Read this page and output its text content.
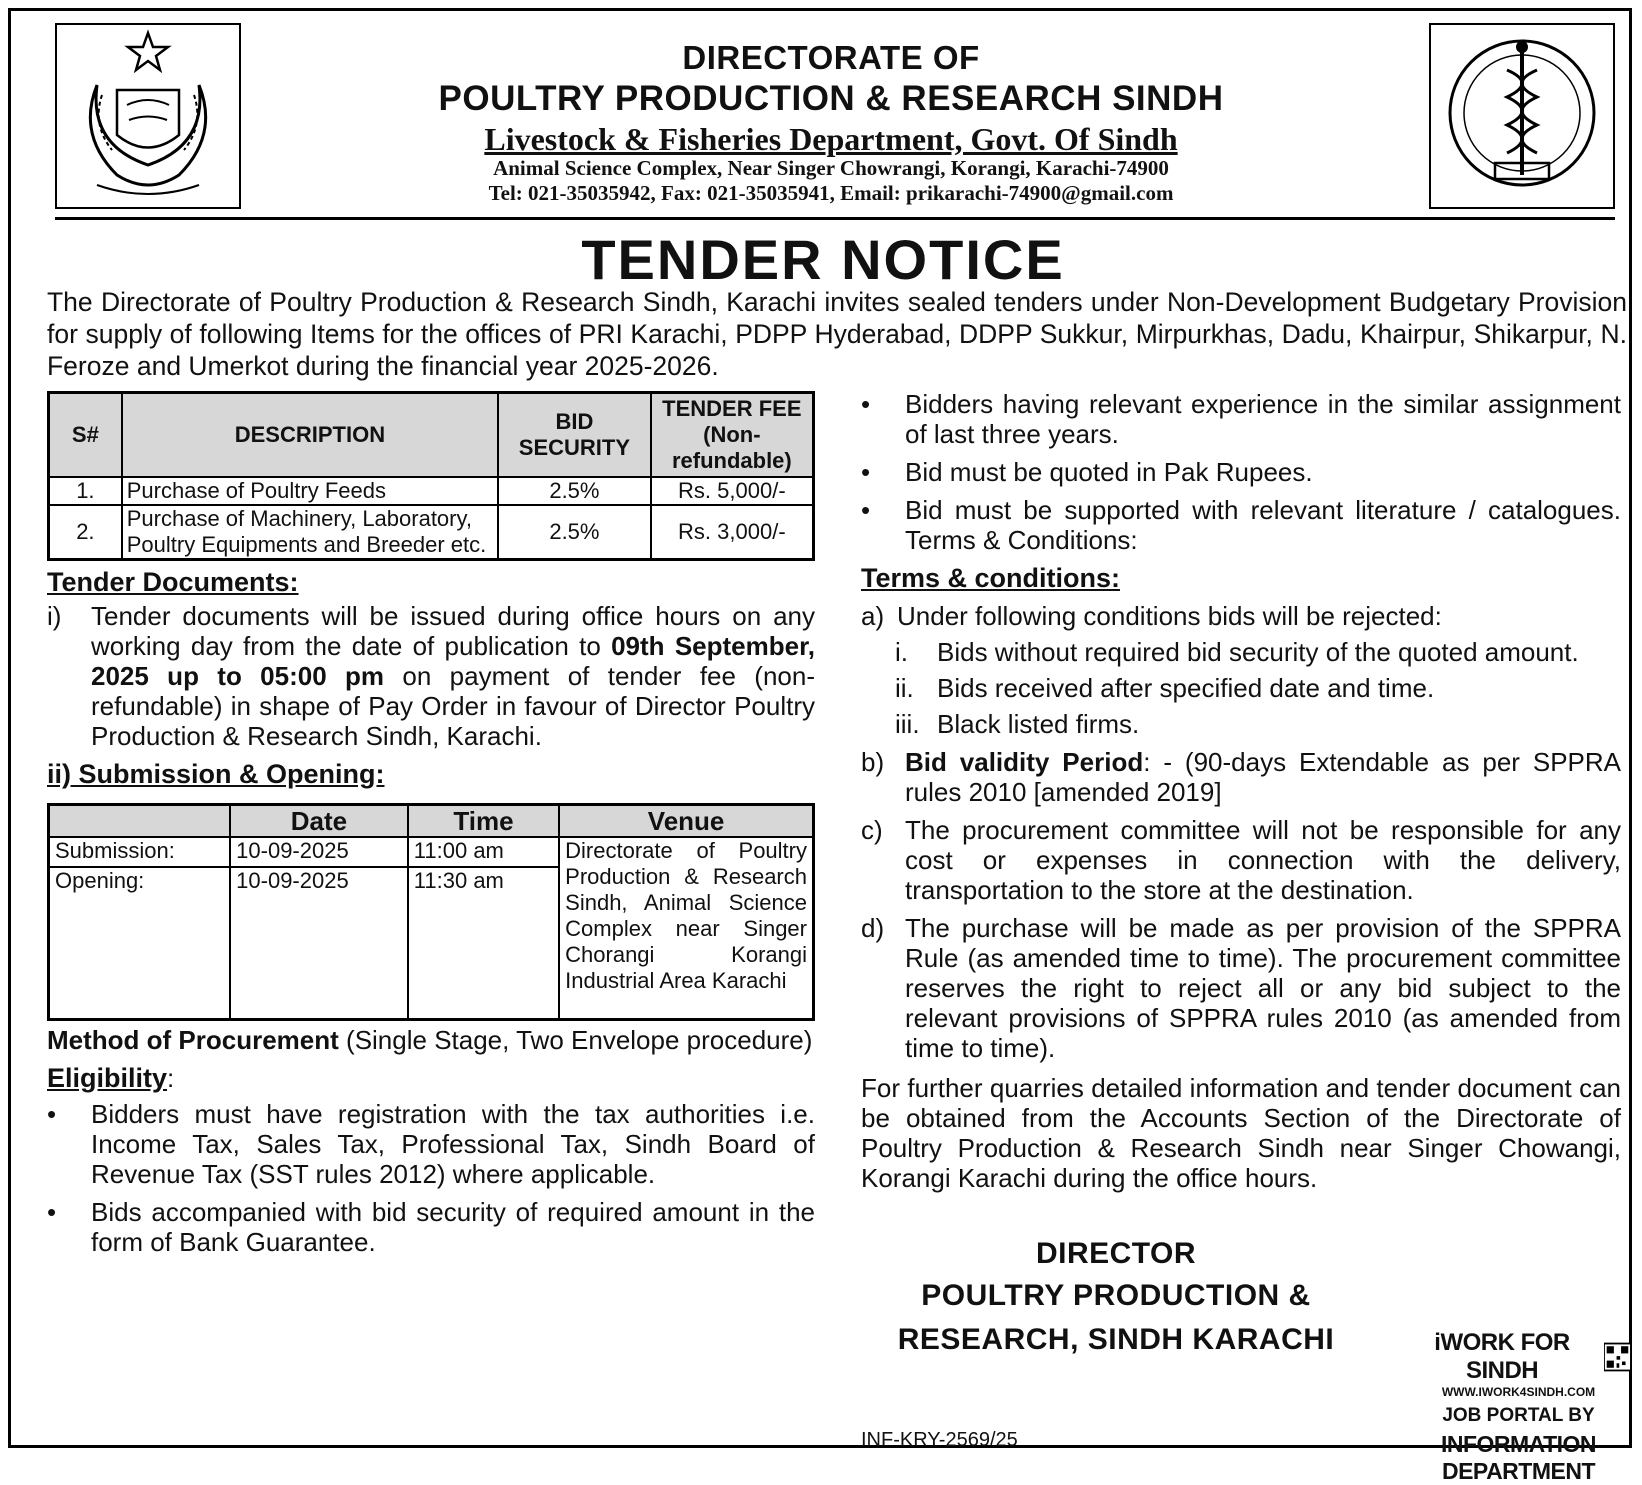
DIRECTORATE OF
POULTRY PRODUCTION & RESEARCH SINDH
Livestock & Fisheries Department, Govt. Of Sindh
Animal Science Complex, Near Singer Chowrangi, Korangi, Karachi-74900
Tel: 021-35035942, Fax: 021-35035941, Email: prikarachi-74900@gmail.com
TENDER NOTICE
The Directorate of Poultry Production & Research Sindh, Karachi invites sealed tenders under Non-Development Budgetary Provision for supply of following Items for the offices of PRI Karachi, PDPP Hyderabad, DDPP Sukkur, Mirpurkhas, Dadu, Khairpur, Shikarpur, N. Feroze and Umerkot during the financial year 2025-2026.
S#	DESCRIPTION	BID SECURITY	TENDER FEE (Non-refundable)
1.	Purchase of Poultry Feeds	2.5%	Rs. 5,000/-
2.	Purchase of Machinery, Laboratory, Poultry Equipments and Breeder etc.	2.5%	Rs. 3,000/-
Tender Documents:
i)	Tender documents will be issued during office hours on any working day from the date of publication to 09th September, 2025 up to 05:00 pm on payment of tender fee (non-refundable) in shape of Pay Order in favour of Director Poultry Production & Research Sindh, Karachi.
ii) Submission & Opening:
	Date	Time	Venue
Submission:	10-09-2025	11:00 am	Directorate of Poultry Production & Research Sindh, Animal Science Complex near Singer Chorangi Korangi Industrial Area Karachi
Opening:	10-09-2025	11:30 am	
Method of Procurement (Single Stage, Two Envelope procedure)
Eligibility:
•	Bidders must have registration with the tax authorities i.e. Income Tax, Sales Tax, Professional Tax, Sindh Board of Revenue Tax (SST rules 2012) where applicable.
•	Bids accompanied with bid security of required amount in the form of Bank Guarantee.
•	Bidders having relevant experience in the similar assignment of last three years.
•	Bid must be quoted in Pak Rupees.
•	Bid must be supported with relevant literature / catalogues. Terms & Conditions:
Terms & conditions:
a) Under following conditions bids will be rejected:
i.	Bids without required bid security of the quoted amount.
ii. Bids received after specified date and time.
iii. Black listed firms.
b) Bid validity Period: - (90-days Extendable as per SPPRA rules 2010 [amended 2019]
c) The procurement committee will not be responsible for any cost or expenses in connection with the delivery, transportation to the store at the destination.
d) The purchase will be made as per provision of the SPPRA Rule (as amended time to time). The procurement committee reserves the right to reject all or any bid subject to the relevant provisions of SPPRA rules 2010 (as amended from time to time).
For further quarries detailed information and tender document can be obtained from the Accounts Section of the Directorate of Poultry Production & Research Sindh near Singer Chowangi, Korangi Karachi during the office hours.
DIRECTOR
POULTRY PRODUCTION &
RESEARCH, SINDH KARACHI
INF-KRY-2569/25
iWORK FOR SINDH
WWW.IWORK4SINDH.COM
JOB PORTAL BY
INFORMATION DEPARTMENT
